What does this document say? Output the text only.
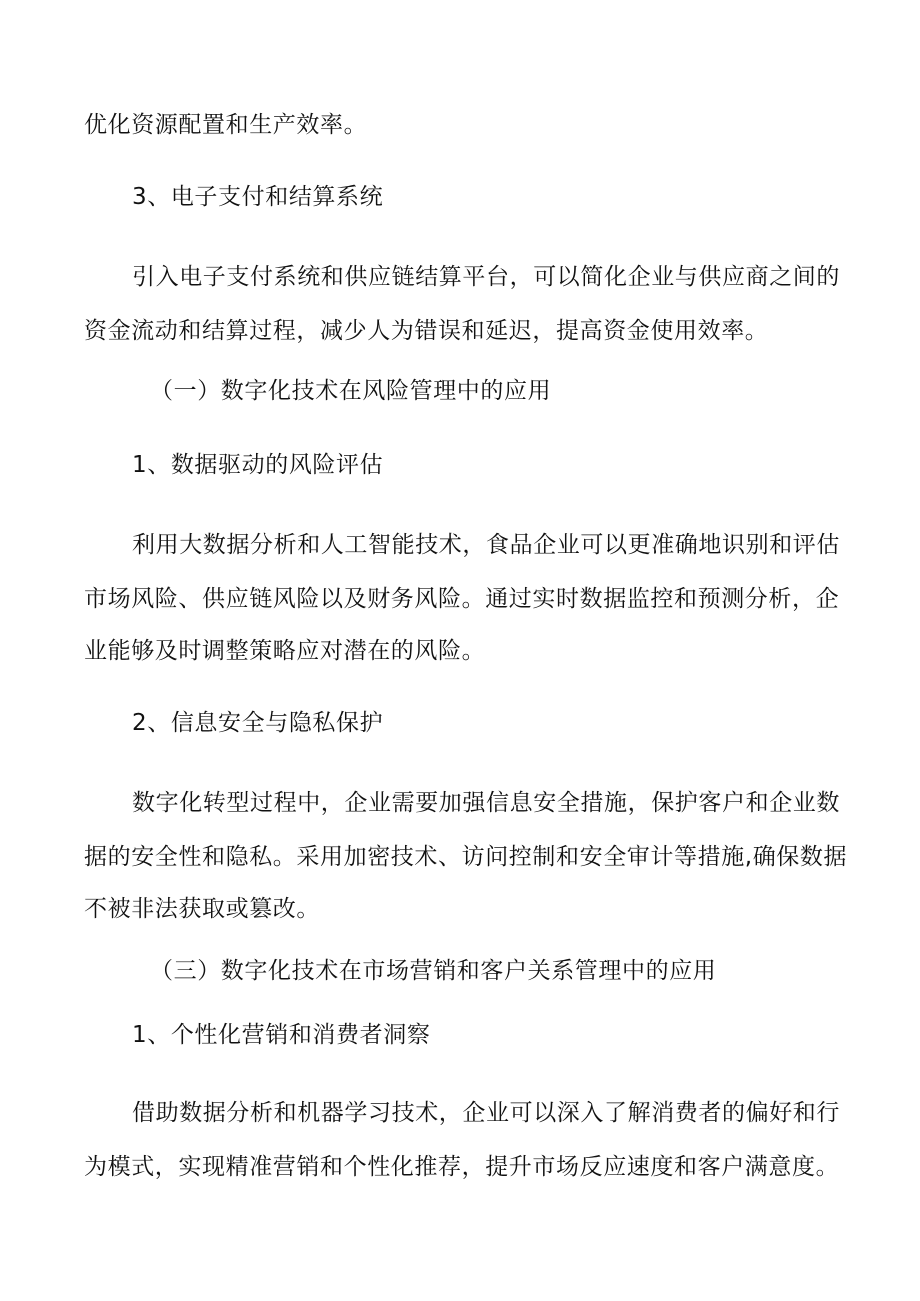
优化资源配置和生产效率。
3、电子支付和结算系统
引入电子支付系统和供应链结算平台，可以简化企业与供应商之间的
资金流动和结算过程，减少人为错误和延迟，提高资金使用效率。
（一）数字化技术在风险管理中的应用
1、数据驱动的风险评估
利用大数据分析和人工智能技术，食品企业可以更准确地识别和评估
市场风险、供应链风险以及财务风险。通过实时数据监控和预测分析，企
业能够及时调整策略应对潜在的风险。
2、信息安全与隐私保护
数字化转型过程中，企业需要加强信息安全措施，保护客户和企业数
据的安全性和隐私。采用加密技术、访问控制和安全审计等措施,确保数据
不被非法获取或篡改。
（三）数字化技术在市场营销和客户关系管理中的应用
1、个性化营销和消费者洞察
借助数据分析和机器学习技术，企业可以深入了解消费者的偏好和行
为模式，实现精准营销和个性化推荐，提升市场反应速度和客户满意度。
